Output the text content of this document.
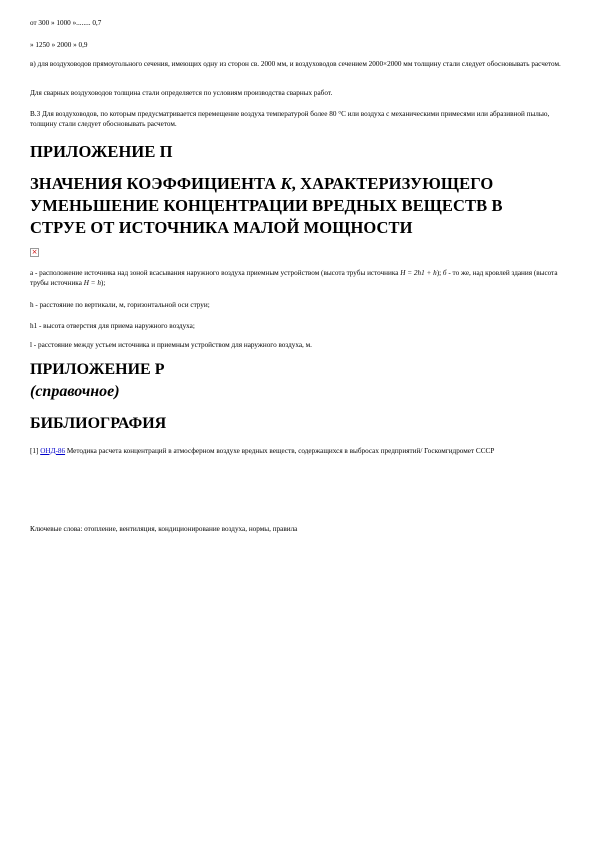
от 300 » 1000 »........ 0,7
» 1250 » 2000 » 0,9
в) для воздуховодов прямоугольного сечения, имеющих одну из сторон св. 2000 мм, и воздуховодов сечением 2000×2000 мм толщину стали следует обосновывать расчетом.
Для сварных воздуховодов толщина стали определяется по условиям производства сварных работ.
В.3 Для воздуховодов, по которым предусматривается перемещение воздуха температурой более 80 °С или воздуха с механическими примесями или абразивной пылью, толщину стали следует обосновывать расчетом.
ПРИЛОЖЕНИЕ П
ЗНАЧЕНИЯ КОЭФФИЦИЕНТА K, ХАРАКТЕРИЗУЮЩЕГО УМЕНЬШЕНИЕ КОНЦЕНТРАЦИИ ВРЕДНЫХ ВЕЩЕСТВ В СТРУЕ ОТ ИСТОЧНИКА МАЛОЙ МОЩНОСТИ
×
а - расположение источника над зоной всасывания наружного воздуха приемным устройством (высота трубы источника H = 2h1 + h); б - то же, над кровлей здания (высота трубы источника H = h);
h - расстояние по вертикали, м, горизонтальной оси струи;
h1 - высота отверстия для приема наружного воздуха;
l - расстояние между устьем источника и приемным устройством для наружного воздуха, м.
ПРИЛОЖЕНИЕ Р
(справочное)
БИБЛИОГРАФИЯ
[1] ОНД-86 Методика расчета концентраций в атмосферном воздухе вредных веществ, содержащихся в выбросах предприятий/ Госкомгидромет СССР
Ключевые слова: отопление, вентиляция, кондиционирование воздуха, нормы, правила
